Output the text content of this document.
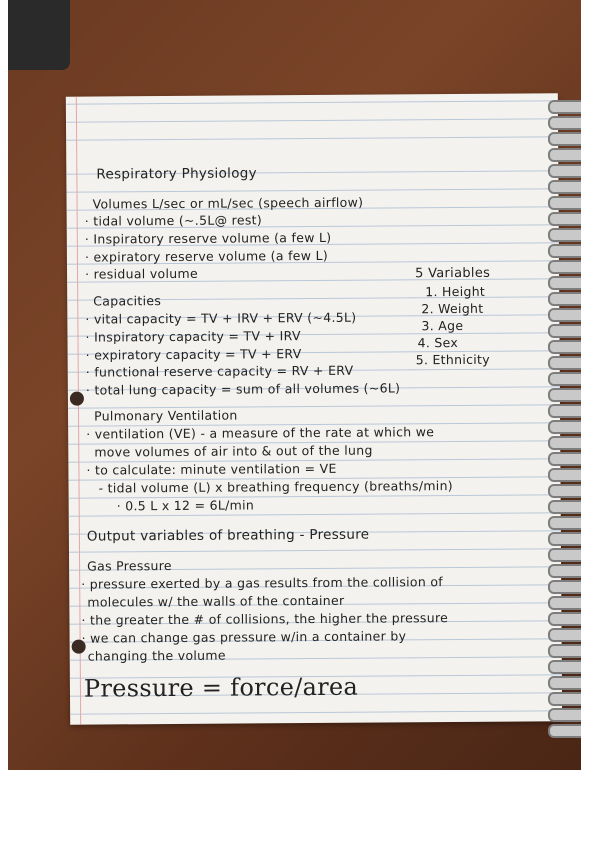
Respiratory Physiology
Volumes L/sec or mL/sec (speech airflow)
· tidal volume (~.5L@ rest)
· Inspiratory reserve volume (a few L)
· expiratory reserve volume (a few L)
· residual volume
Capacities
· vital capacity = TV + IRV + ERV (~4.5L)
· Inspiratory capacity = TV + IRV
· expiratory capacity = TV + ERV
· functional reserve capacity = RV + ERV
· total lung capacity = sum of all volumes (~6L)
Pulmonary Ventilation
· ventilation (VE) - a measure of the rate at which we
move volumes of air into & out of the lung
· to calculate: minute ventilation = VE
- tidal volume (L) x breathing frequency (breaths/min)
· 0.5 L x 12 = 6L/min
Output variables of breathing - Pressure
Gas Pressure
· pressure exerted by a gas results from the collision of
molecules w/ the walls of the container
· the greater the # of collisions, the higher the pressure
· we can change gas pressure w/in a container by
changing the volume
Pressure = force/area
5 Variables
1. Height
2. Weight
3. Age
4. Sex
5. Ethnicity
